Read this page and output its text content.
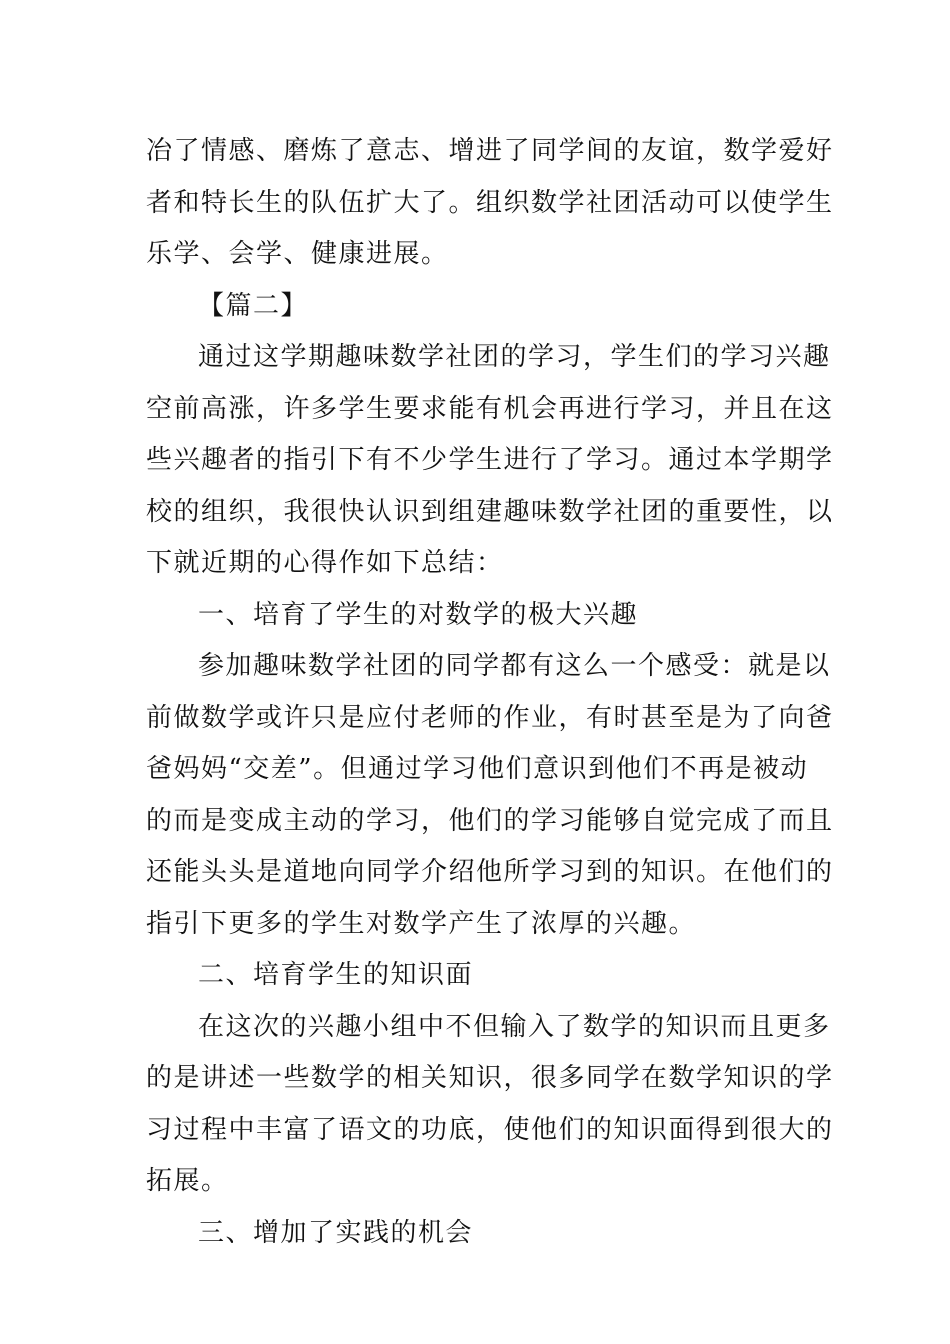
冶了情感、磨炼了意志、增进了同学间的友谊，数学爱好
者和特长生的队伍扩大了。组织数学社团活动可以使学生
乐学、会学、健康进展。
【篇二】
通过这学期趣味数学社团的学习，学生们的学习兴趣
空前高涨，许多学生要求能有机会再进行学习，并且在这
些兴趣者的指引下有不少学生进行了学习。通过本学期学
校的组织，我很快认识到组建趣味数学社团的重要性，以
下就近期的心得作如下总结：
一、培育了学生的对数学的极大兴趣
参加趣味数学社团的同学都有这么一个感受：就是以
前做数学或许只是应付老师的作业，有时甚至是为了向爸
爸妈妈“交差”。但通过学习他们意识到他们不再是被动
的而是变成主动的学习，他们的学习能够自觉完成了而且
还能头头是道地向同学介绍他所学习到的知识。在他们的
指引下更多的学生对数学产生了浓厚的兴趣。
二、培育学生的知识面
在这次的兴趣小组中不但输入了数学的知识而且更多
的是讲述一些数学的相关知识，很多同学在数学知识的学
习过程中丰富了语文的功底，使他们的知识面得到很大的
拓展。
三、增加了实践的机会
